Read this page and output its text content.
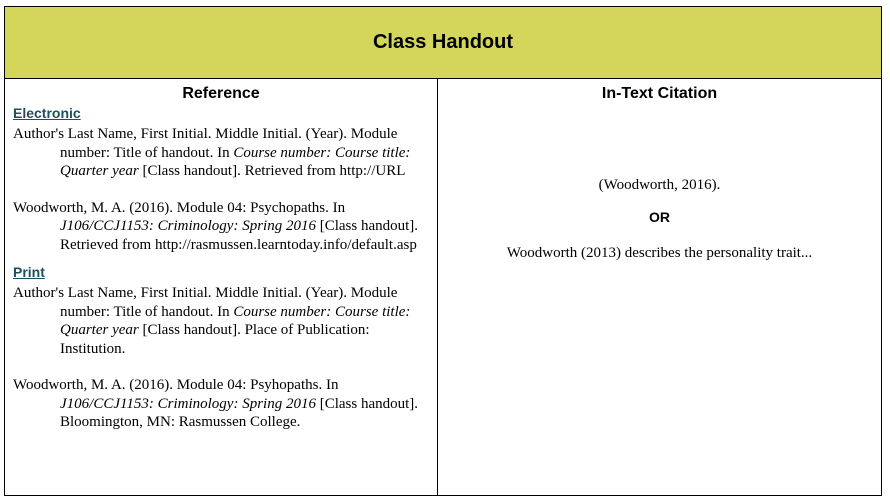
Class Handout
Reference
Electronic
Author's Last Name, First Initial. Middle Initial. (Year). Module number: Title of handout. In Course number: Course title: Quarter year [Class handout]. Retrieved from http://URL
Woodworth, M. A. (2016). Module 04: Psychopaths. In J106/CCJ1153: Criminology: Spring 2016 [Class handout]. Retrieved from http://rasmussen.learntoday.info/default.asp
Print
Author's Last Name, First Initial. Middle Initial. (Year). Module number: Title of handout. In Course number: Course title: Quarter year [Class handout]. Place of Publication: Institution.
Woodworth, M. A. (2016). Module 04: Psyhopaths. In J106/CCJ1153: Criminology: Spring 2016 [Class handout]. Bloomington, MN: Rasmussen College.
In-Text Citation
(Woodworth, 2016).
OR
Woodworth (2013) describes the personality trait...
